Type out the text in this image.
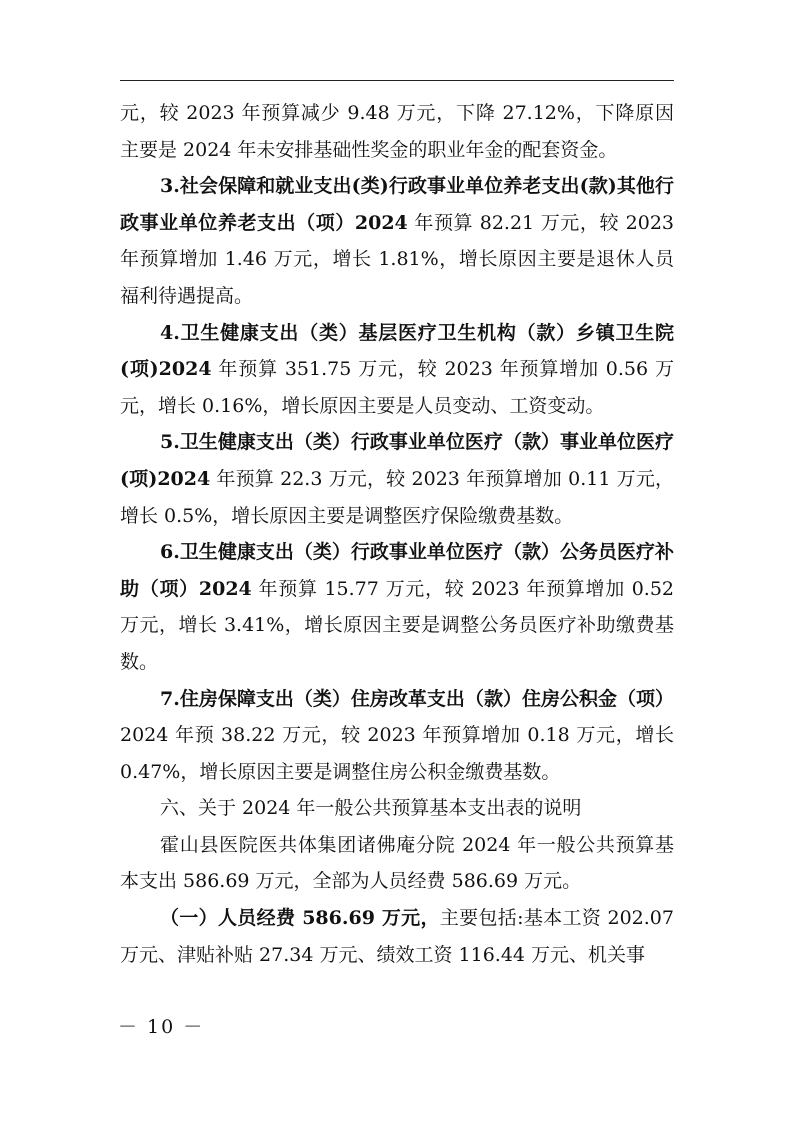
元，较 2023 年预算减少 9.48 万元，下降 27.12%，下降原因主要是 2024 年未安排基础性奖金的职业年金的配套资金。

3.社会保障和就业支出(类)行政事业单位养老支出(款)其他行政事业单位养老支出（项）2024 年预算 82.21 万元，较 2023 年预算增加 1.46 万元，增长 1.81%，增长原因主要是退休人员福利待遇提高。

4.卫生健康支出（类）基层医疗卫生机构（款）乡镇卫生院(项)2024 年预算 351.75 万元，较 2023 年预算增加 0.56 万元，增长 0.16%，增长原因主要是人员变动、工资变动。

5.卫生健康支出（类）行政事业单位医疗（款）事业单位医疗(项)2024 年预算 22.3 万元，较 2023 年预算增加 0.11 万元，增长 0.5%，增长原因主要是调整医疗保险缴费基数。

6.卫生健康支出（类）行政事业单位医疗（款）公务员医疗补助（项）2024 年预算 15.77 万元，较 2023 年预算增加 0.52 万元，增长 3.41%，增长原因主要是调整公务员医疗补助缴费基数。

7.住房保障支出（类）住房改革支出（款）住房公积金（项）2024 年预 38.22 万元，较 2023 年预算增加 0.18 万元，增长 0.47%，增长原因主要是调整住房公积金缴费基数。

六、关于 2024 年一般公共预算基本支出表的说明

霍山县医院医共体集团诸佛庵分院 2024 年一般公共预算基本支出 586.69 万元，全部为人员经费 586.69 万元。

（一）人员经费 586.69 万元，主要包括:基本工资 202.07 万元、津贴补贴 27.34 万元、绩效工资 116.44 万元、机关事

－ 10 －
